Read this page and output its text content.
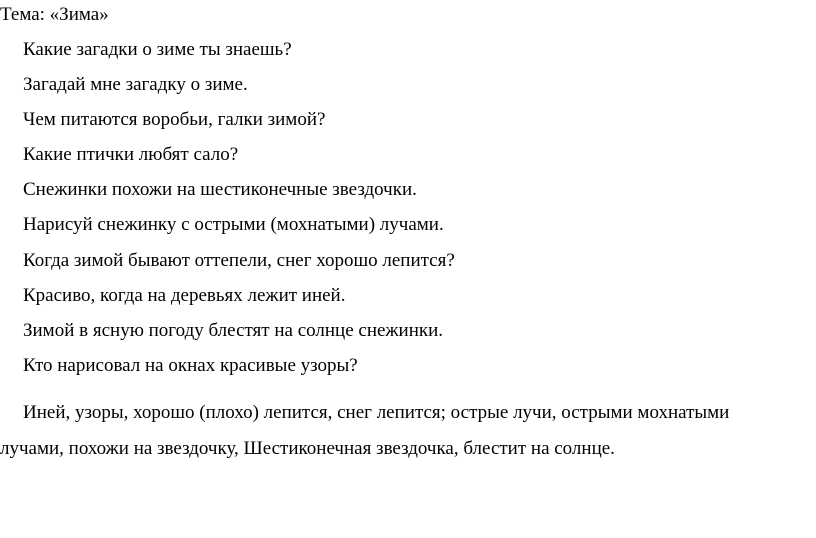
Тема: «Зима»
Какие загадки о зиме ты знаешь?
Загадай мне загадку о зиме.
Чем питаются воробьи, галки зимой?
Какие птички любят сало?
Снежинки похожи на шестиконечные звездочки.
Нарисуй снежинку с острыми (мохнатыми) лучами.
Когда зимой бывают оттепели, снег хорошо лепится?
Красиво, когда на деревьях лежит иней.
Зимой в ясную погоду блестят на солнце снежинки.
Кто нарисовал на окнах красивые узоры?
Иней, узоры, хорошо (плохо) лепится, снег лепится; острые лучи, острыми мохнатыми
лучами, похожи на звездочку, Шестиконечная звездочка, блестит на солнце.
